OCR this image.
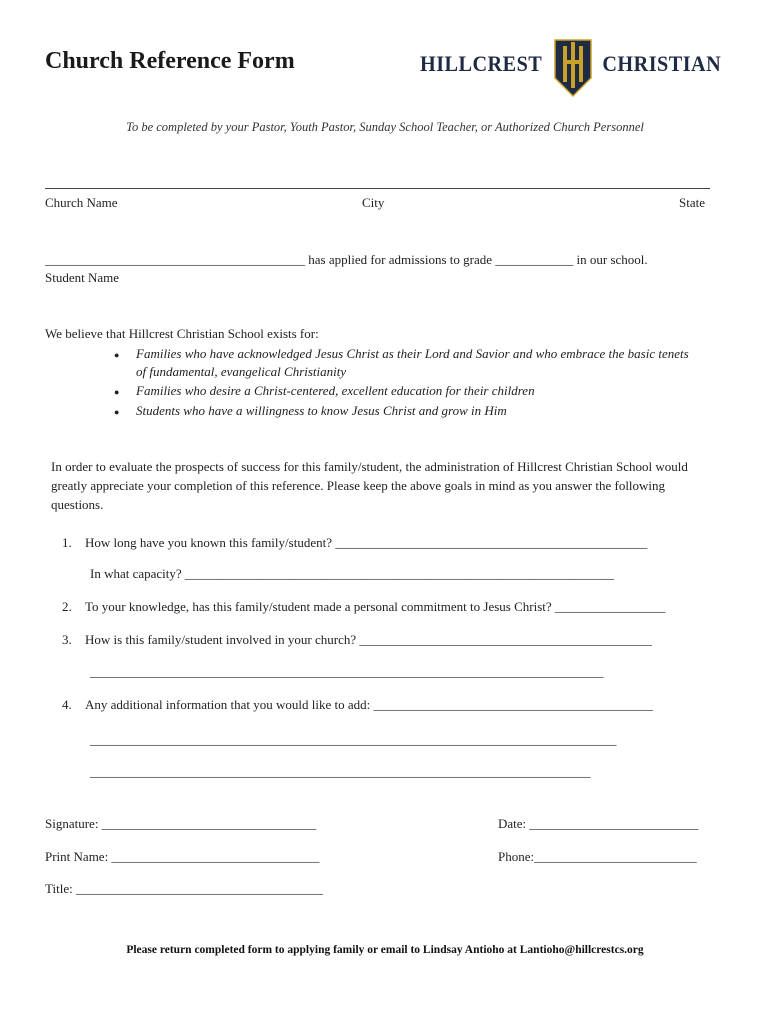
Church Reference Form	HILLCREST	CHRISTIAN
To be completed by your Pastor, Youth Pastor, Sunday School Teacher, or Authorized Church Personnel
Church Name	City	State
________________________________________ has applied for admissions to grade ____________ in our school.
Student Name
We believe that Hillcrest Christian School exists for:
● Families who have acknowledged Jesus Christ as their Lord and Savior and who embrace the basic tenets
of fundamental, evangelical Christianity
● Families who desire a Christ-centered, excellent education for their children
● Students who have a willingness to know Jesus Christ and grow in Him
In order to evaluate the prospects of success for this family/student, the administration of Hillcrest Christian School would greatly appreciate your completion of this reference. Please keep the above goals in mind as you answer the following questions.
1. How long have you known this family/student? ________________________________________________
In what capacity? __________________________________________________________________
2. To your knowledge, has this family/student made a personal commitment to Jesus Christ? _________________
3. How is this family/student involved in your church? _____________________________________________
_______________________________________________________________________________
4. Any additional information that you would like to add: ___________________________________________
_________________________________________________________________________________
_____________________________________________________________________________
Signature: _________________________________	Date: __________________________
Print Name: ________________________________	Phone:_________________________
Title: ______________________________________
Please return completed form to applying family or email to Lindsay Antioho at Lantioho@hillcrestcs.org
